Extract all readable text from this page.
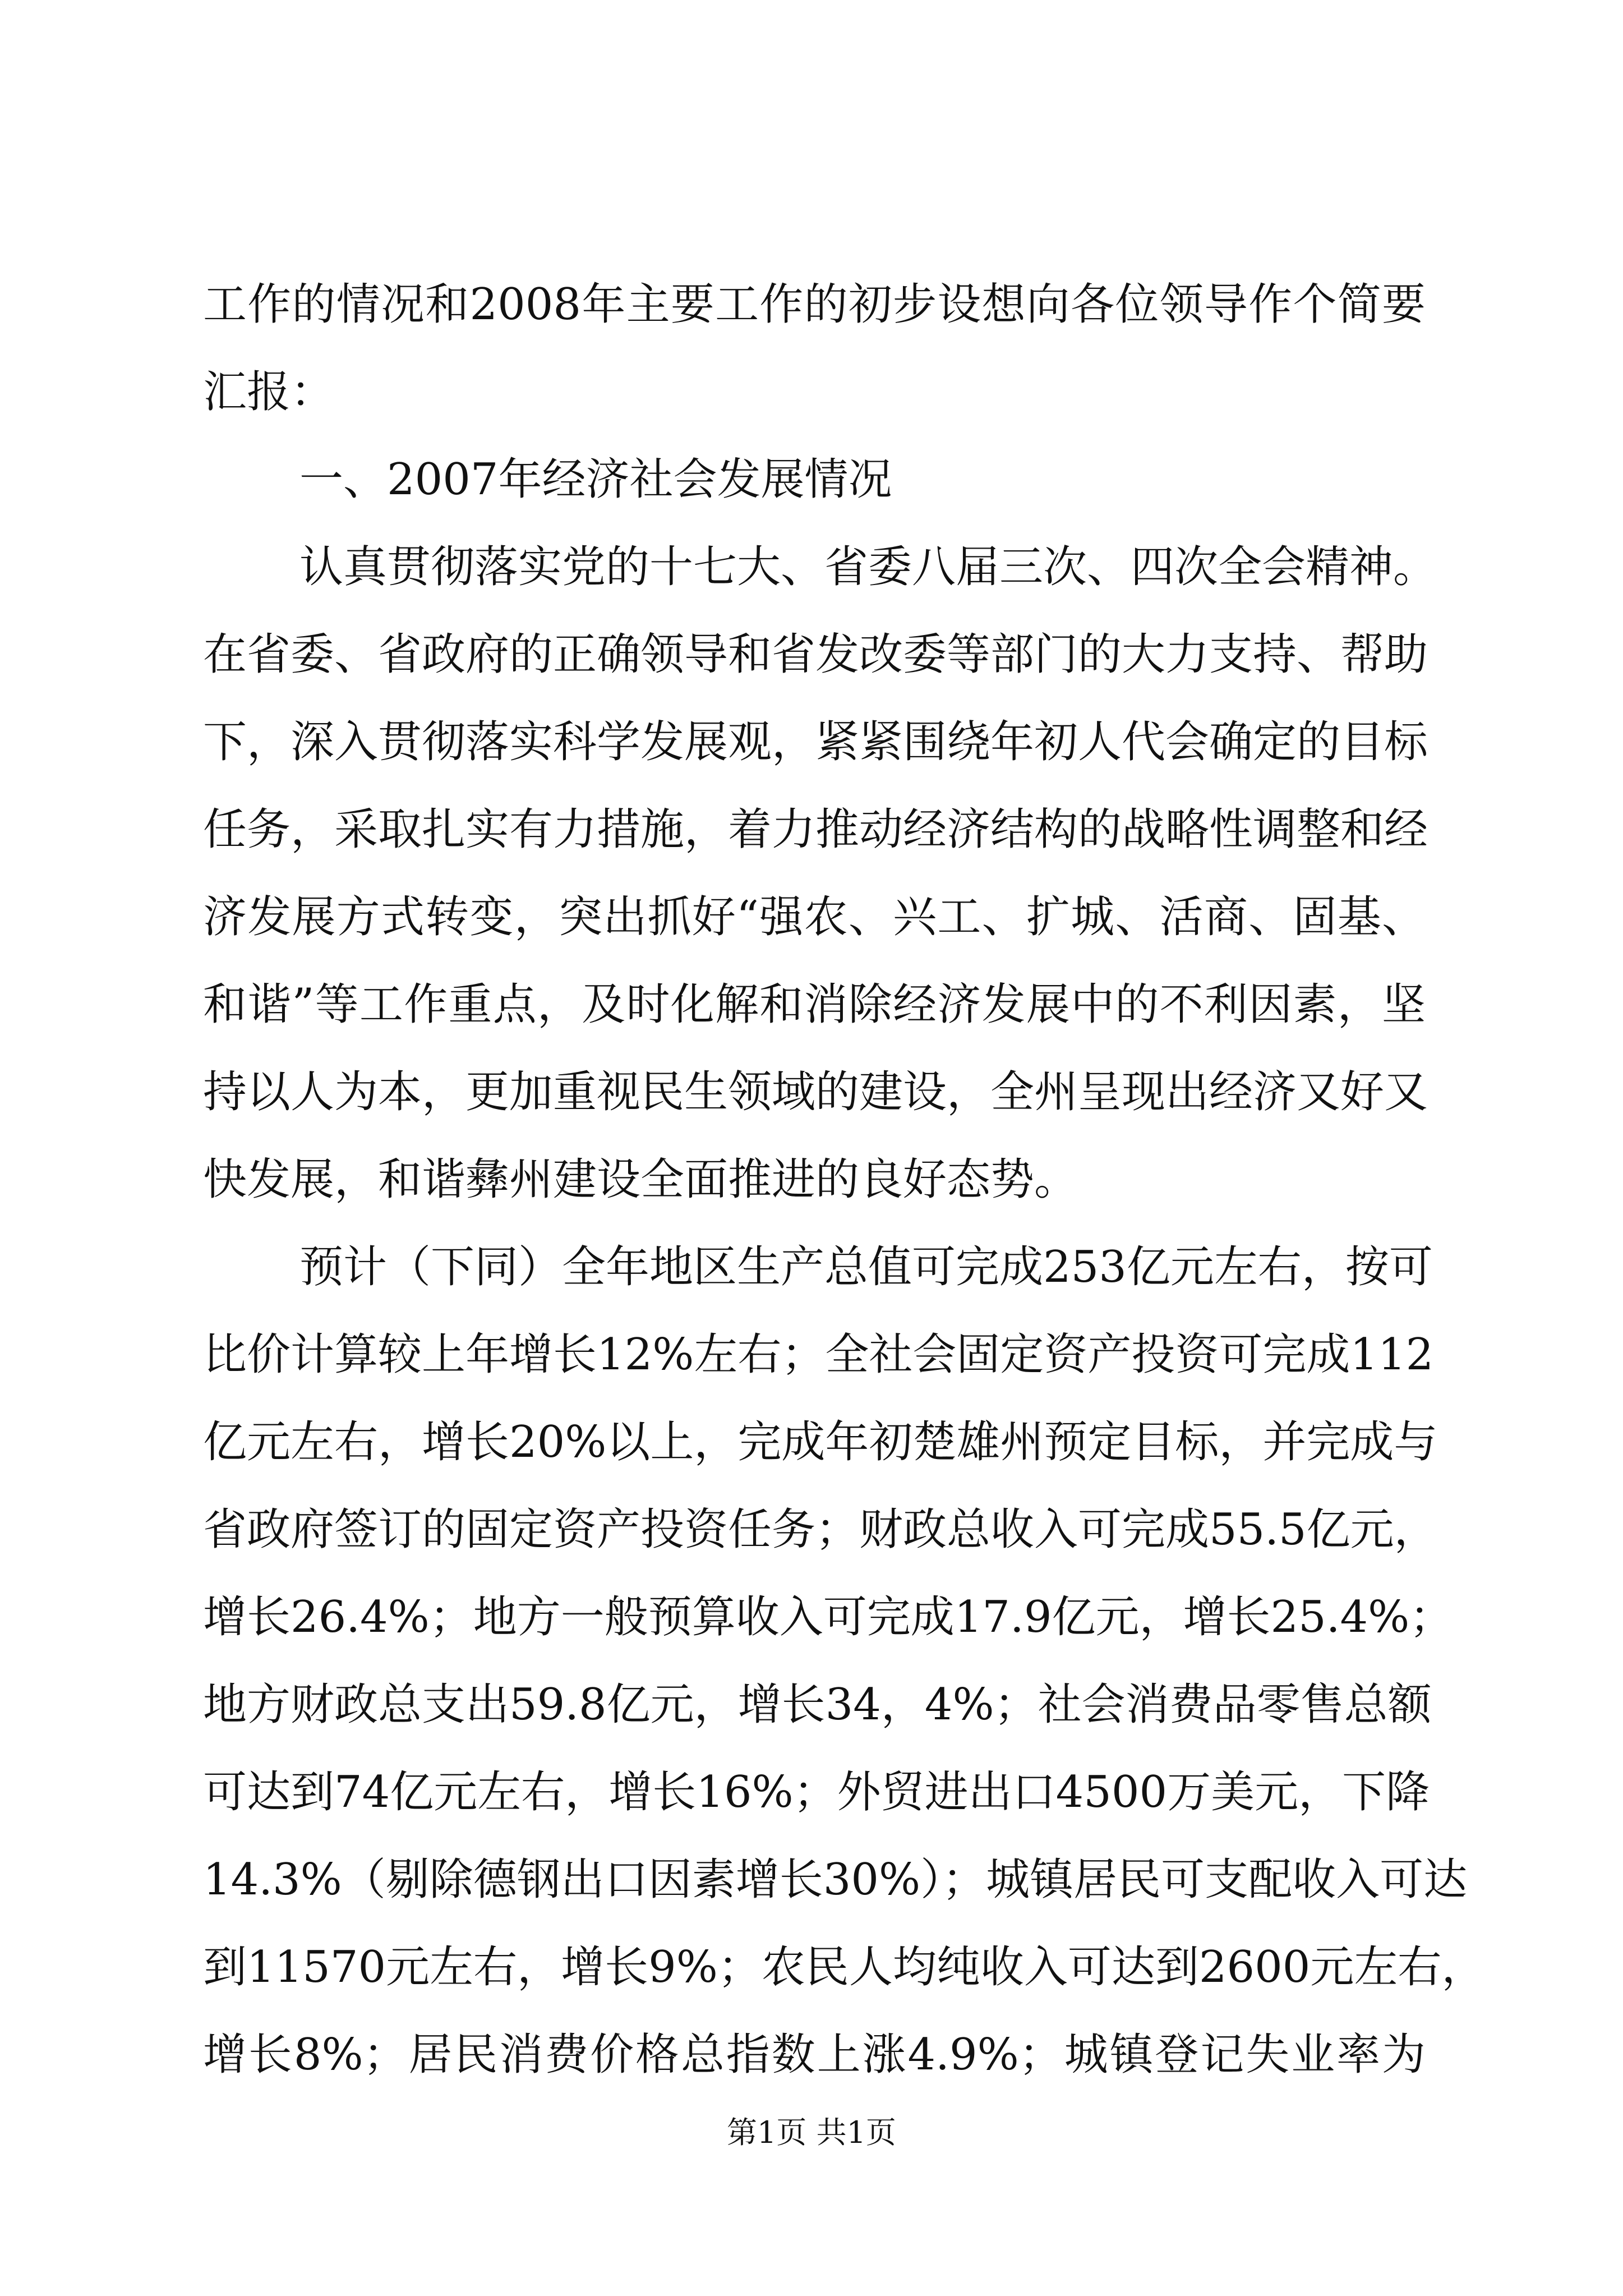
工作的情况和2008年主要工作的初步设想向各位领导作个简要
汇报：
一、2007年经济社会发展情况
认真贯彻落实党的十七大、省委八届三次、四次全会精神。
在省委、省政府的正确领导和省发改委等部门的大力支持、帮助
下，深入贯彻落实科学发展观，紧紧围绕年初人代会确定的目标
任务，采取扎实有力措施，着力推动经济结构的战略性调整和经
济发展方式转变，突出抓好“强农、兴工、扩城、活商、固基、
和谐”等工作重点，及时化解和消除经济发展中的不利因素，坚
持以人为本，更加重视民生领域的建设，全州呈现出经济又好又
快发展，和谐彝州建设全面推进的良好态势。
预计（下同）全年地区生产总值可完成253亿元左右，按可
比价计算较上年增长12%左右；全社会固定资产投资可完成112
亿元左右，增长20%以上，完成年初楚雄州预定目标，并完成与
省政府签订的固定资产投资任务；财政总收入可完成55.5亿元，
增长26.4%；地方一般预算收入可完成17.9亿元，增长25.4%；
地方财政总支出59.8亿元，增长34，4%；社会消费品零售总额
可达到74亿元左右，增长16%；外贸进出口4500万美元，下降
14.3%（剔除德钢出口因素增长30%）；城镇居民可支配收入可达
到11570元左右，增长9%；农民人均纯收入可达到2600元左右，
增长8%；居民消费价格总指数上涨4.9%；城镇登记失业率为
第1页 共1页
